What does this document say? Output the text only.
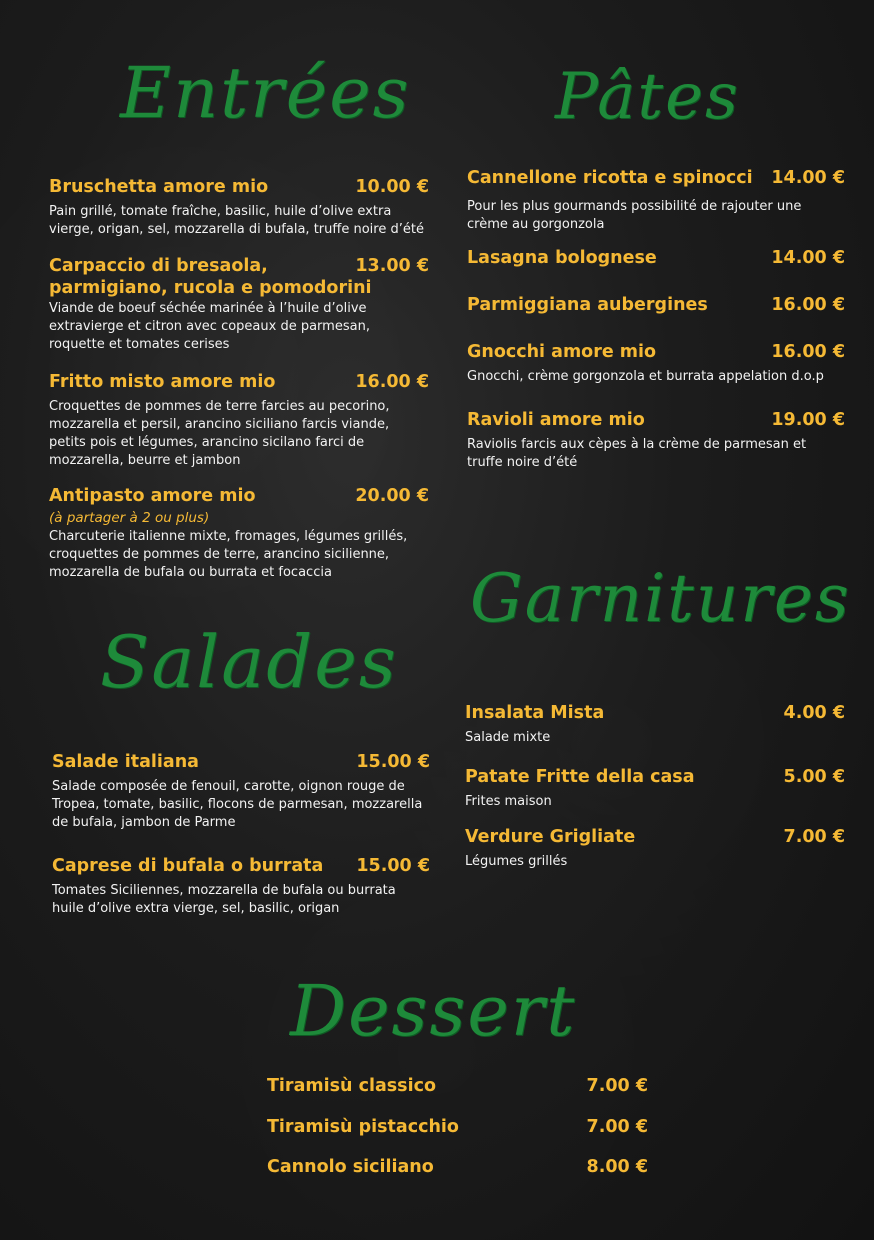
Entrées Pâtes
Salades
Garnitures
Dessert
Bruschetta amore mio	10.00 €
Pain grillé, tomate fraîche, basilic, huile d’olive extra vierge, origan, sel, mozzarella di bufala, truffe noire d’été
Carpaccio di bresaola,	13.00 €
parmigiano, rucola e pomodorini
Viande de boeuf séchée marinée à l’huile d’olive extravierge et citron avec copeaux de parmesan, roquette et tomates cerises
Fritto misto amore mio	16.00 €
Croquettes de pommes de terre farcies au pecorino, mozzarella et persil, arancino siciliano farcis viande, petits pois et légumes, arancino sicilano farci de mozzarella, beurre et jambon
Antipasto amore mio	20.00 €
(à partager à 2 ou plus)
Charcuterie italienne mixte, fromages, légumes grillés, croquettes de pommes de terre, arancino sicilienne, mozzarella de bufala ou burrata et focaccia
Cannellone ricotta e spinocci 14.00 €
Pour les plus gourmands possibilité de rajouter une crème au gorgonzola
Lasagna bolognese	14.00 €
Parmiggiana aubergines	16.00 €
Gnocchi amore mio	16.00 €
Gnocchi, crème gorgonzola et burrata appelation d.o.p
Ravioli amore mio	19.00 €
Raviolis farcis aux cèpes à la crème de parmesan et truffe noire d’été
Salade italiana	15.00 €
Salade composée de fenouil, carotte, oignon rouge de Tropea, tomate, basilic, flocons de parmesan, mozzarella de bufala, jambon de Parme
Caprese di bufala o burrata 15.00 €
Tomates Siciliennes, mozzarella de bufala ou burrata huile d’olive extra vierge, sel, basilic, origan
Insalata Mista	4.00 €
Salade mixte
Patate Fritte della casa	5.00 €
Frites maison
Verdure Grigliate	7.00 €
Légumes grillés
Tiramisù classico	7.00 €
Tiramisù pistacchio	7.00 €
Cannolo siciliano	8.00 €
